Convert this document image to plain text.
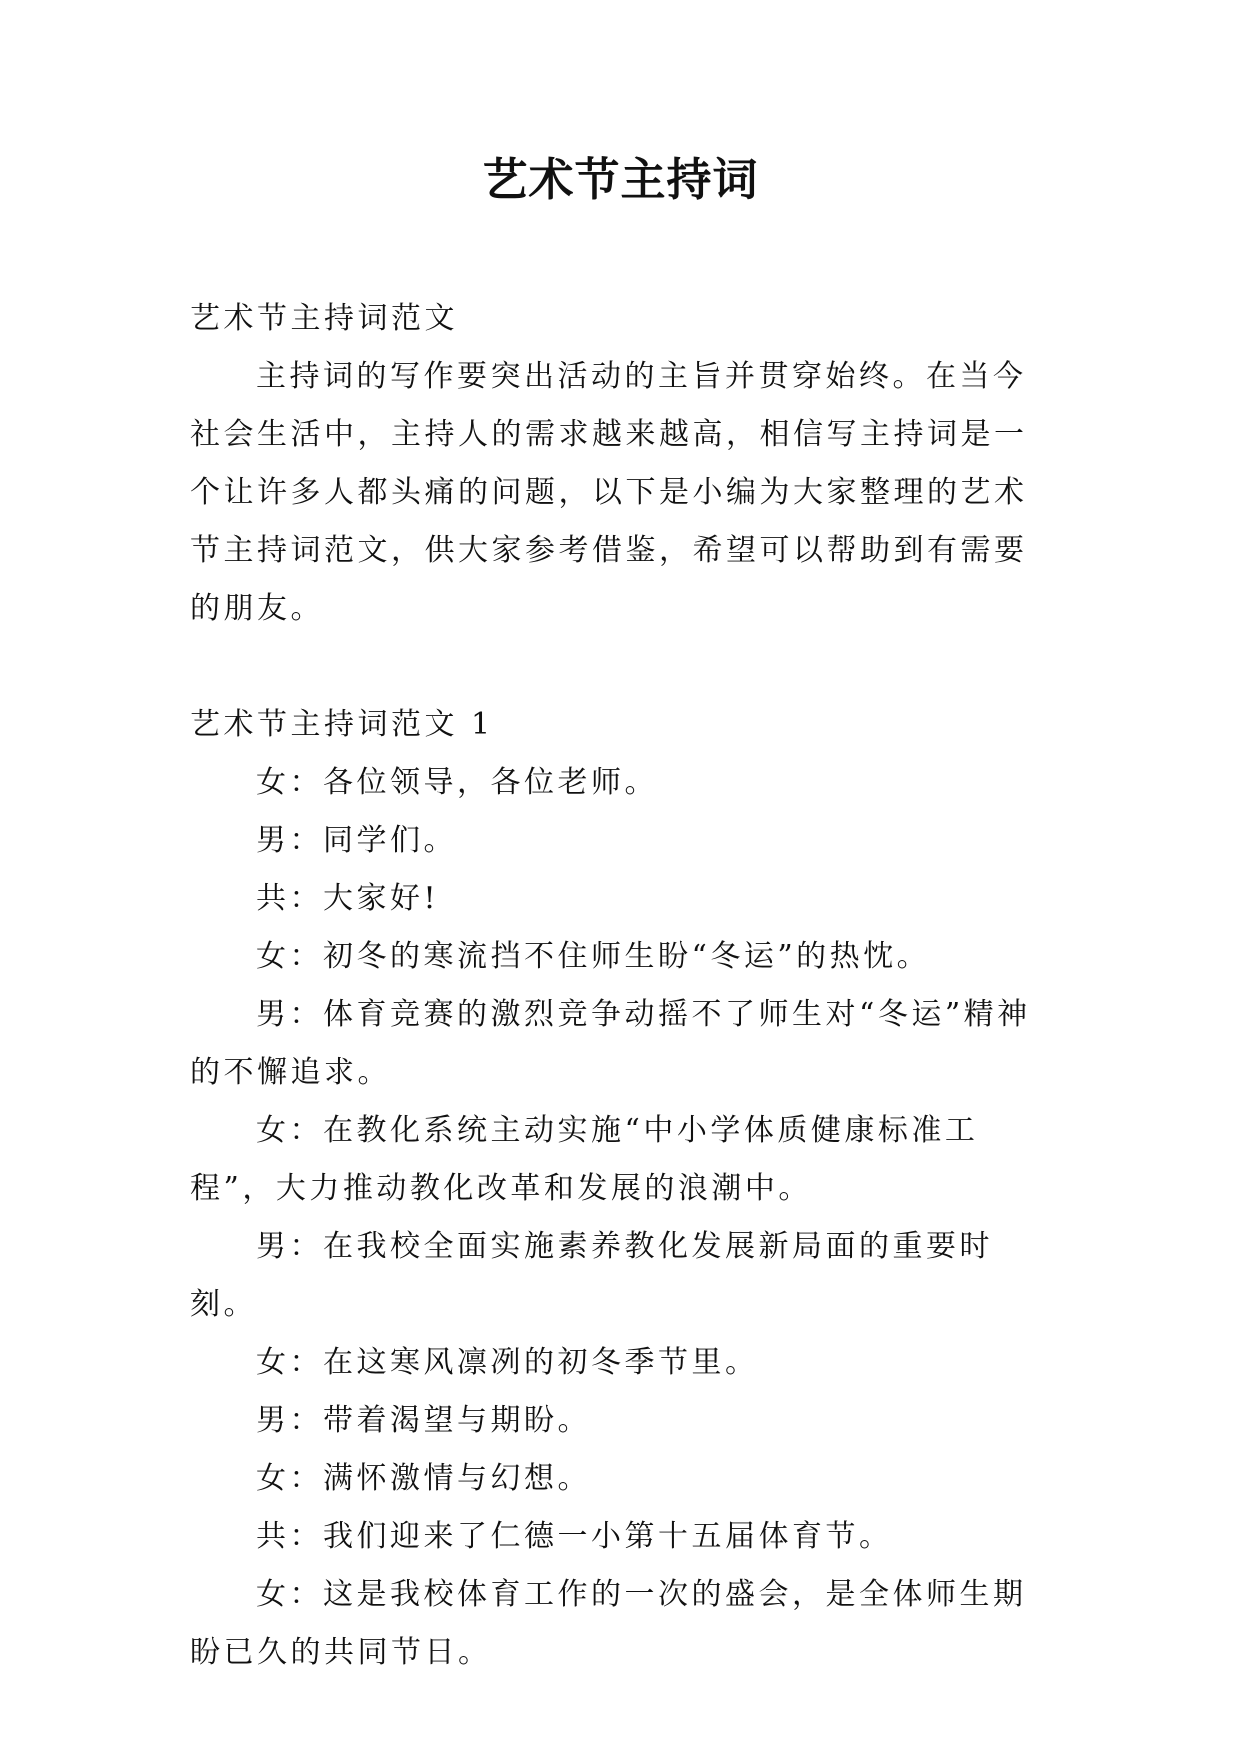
艺术节主持词

艺术节主持词范文

主持词的写作要突出活动的主旨并贯穿始终。在当今社会生活中，主持人的需求越来越高，相信写主持词是一个让许多人都头痛的问题，以下是小编为大家整理的艺术节主持词范文，供大家参考借鉴，希望可以帮助到有需要的朋友。

艺术节主持词范文 1

女：各位领导，各位老师。

男：同学们。

共：大家好!

女：初冬的寒流挡不住师生盼“冬运”的热忱。

男：体育竞赛的激烈竞争动摇不了师生对“冬运”精神的不懈追求。

女：在教化系统主动实施“中小学体质健康标准工程”，大力推动教化改革和发展的浪潮中。

男：在我校全面实施素养教化发展新局面的重要时刻。

女：在这寒风凛冽的初冬季节里。

男：带着渴望与期盼。

女：满怀激情与幻想。

共：我们迎来了仁德一小第十五届体育节。

女：这是我校体育工作的一次的盛会，是全体师生期盼已久的共同节日。
